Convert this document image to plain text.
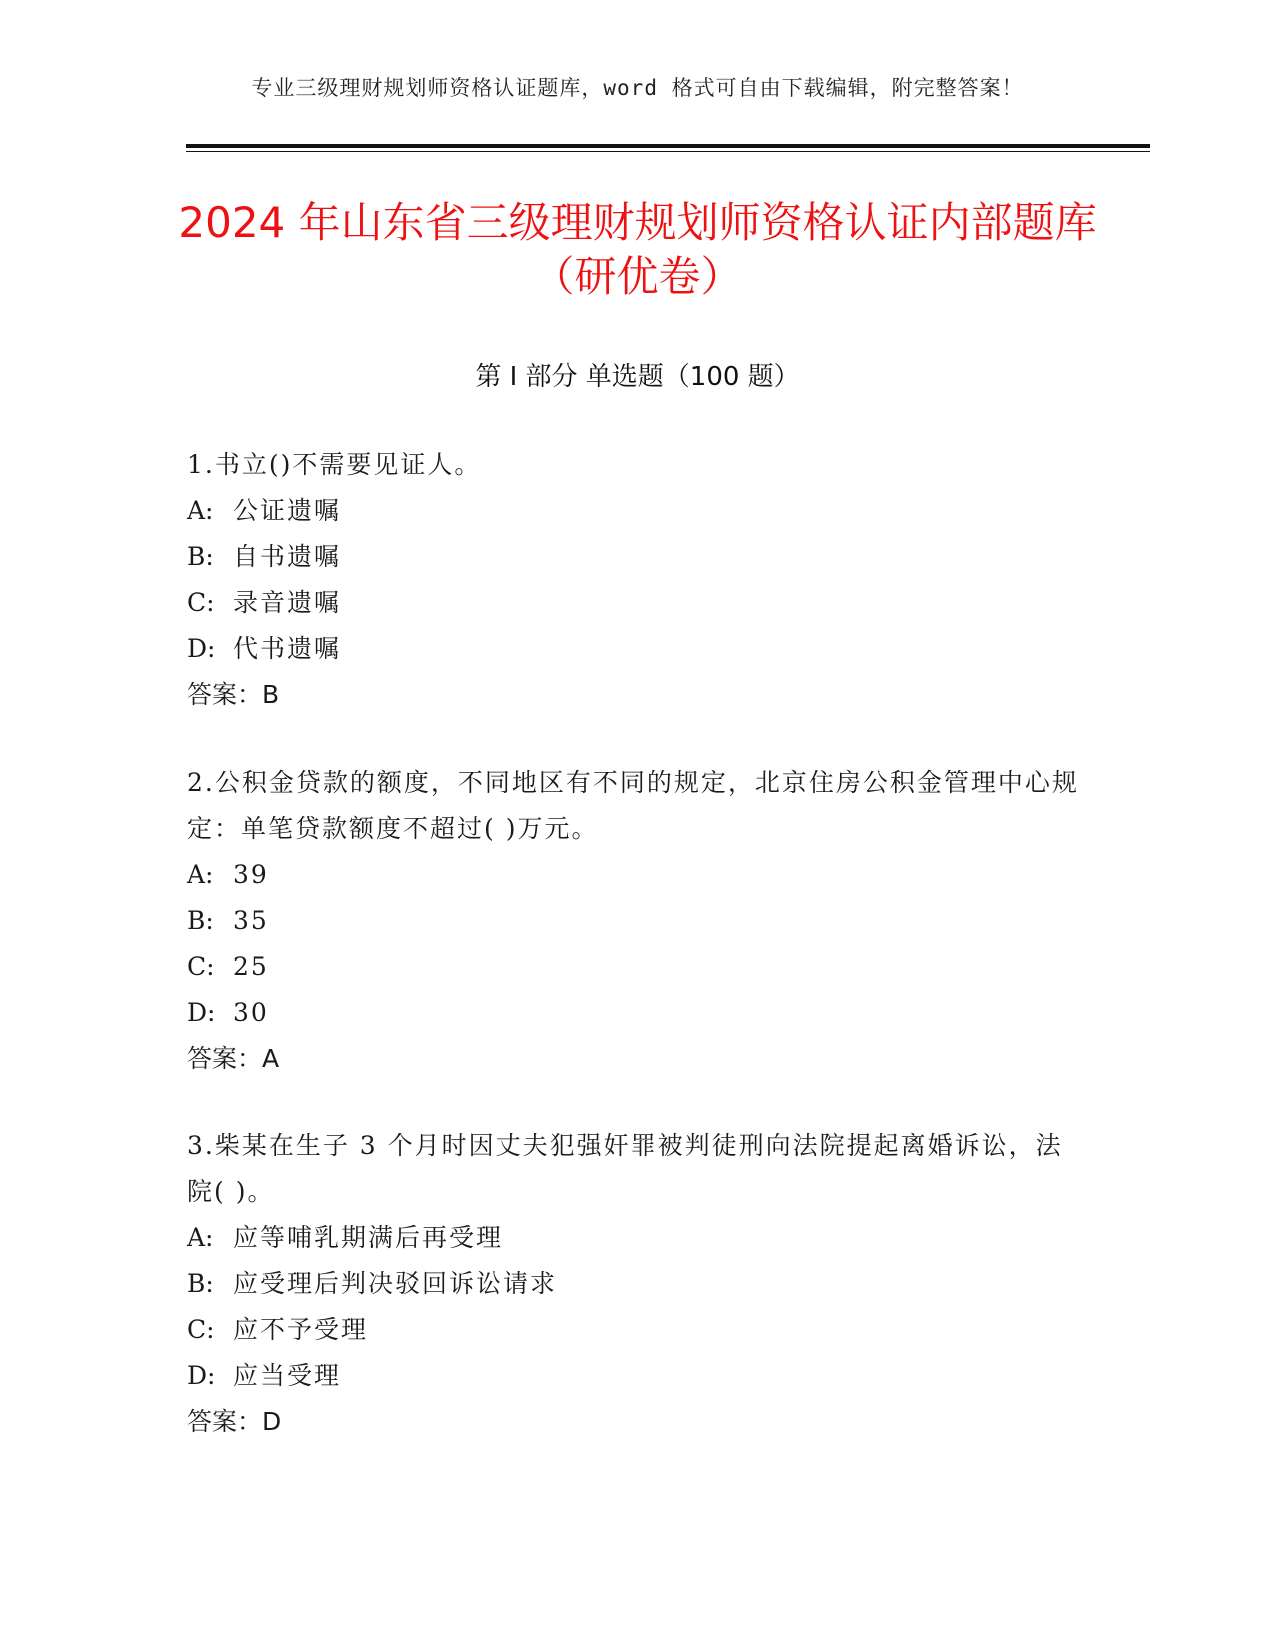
专业三级理财规划师资格认证题库，word 格式可自由下载编辑，附完整答案！
2024 年山东省三级理财规划师资格认证内部题库（研优卷）
第 I 部分 单选题（100 题）

1.书立()不需要见证人。

A: 公证遗嘱
B: 自书遗嘱
C: 录音遗嘱
D: 代书遗嘱
答案：B

2.公积金贷款的额度，不同地区有不同的规定，北京住房公积金管理中心规定：单笔贷款额度不超过( )万元。

A: 39
B: 35
C: 25
D: 30
答案：A

3.柴某在生子 3 个月时因丈夫犯强奸罪被判徒刑向法院提起离婚诉讼，法院( )。

A: 应等哺乳期满后再受理
B: 应受理后判决驳回诉讼请求
C: 应不予受理
D: 应当受理
答案：D
